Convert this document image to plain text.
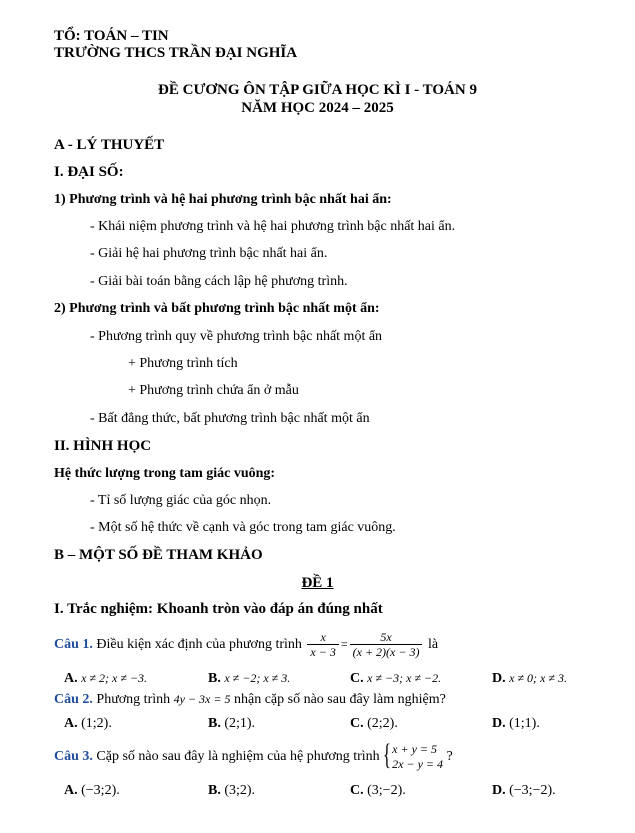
TỔ: TOÁN – TIN
TRƯỜNG THCS TRẦN ĐẠI NGHĨA
ĐỀ CƯƠNG ÔN TẬP GIỮA HỌC KÌ I - TOÁN 9
NĂM HỌC 2024 – 2025
A - LÝ THUYẾT
I. ĐẠI SỐ:
1) Phương trình và hệ hai phương trình bậc nhất hai ẩn:
- Khái niệm phương trình và hệ hai phương trình bậc nhất hai ẩn.
- Giải hệ hai phương trình bậc nhất hai ẩn.
- Giải bài toán bằng cách lập hệ phương trình.
2) Phương trình và bất phương trình bậc nhất một ẩn:
- Phương trình quy về phương trình bậc nhất một ẩn
+ Phương trình tích
+ Phương trình chứa ẩn ở mẫu
- Bất đẳng thức, bất phương trình bậc nhất một ẩn
II. HÌNH HỌC
Hệ thức lượng trong tam giác vuông:
- Tỉ số lượng giác của góc nhọn.
- Một số hệ thức về cạnh và góc trong tam giác vuông.
B – MỘT SỐ ĐỀ THAM KHẢO
ĐỀ 1
I. Trắc nghiệm: Khoanh tròn vào đáp án đúng nhất
Câu 1. Điều kiện xác định của phương trình $\frac{x}{x - 3} = \frac{5x}{(x + 2)(x - 3)}$ là
A. x ≠ 2; x ≠ −3.	B. x ≠ −2; x ≠ 3.	C. x ≠ −3; x ≠ −2.	D. x ≠ 0; x ≠ 3.
Câu 2. Phương trình 4y − 3x = 5 nhận cặp số nào sau đây làm nghiệm?
A. (1;2).	B. (2;1).	C. (2;2).	D. (1;1).
Câu 3. Cặp số nào sau đây là nghiệm của hệ phương trình { x + y = 5
2x − y = 4 ?
A. (−3;2).	B. (3;2).	C. (3;−2).	D. (−3;−2).
